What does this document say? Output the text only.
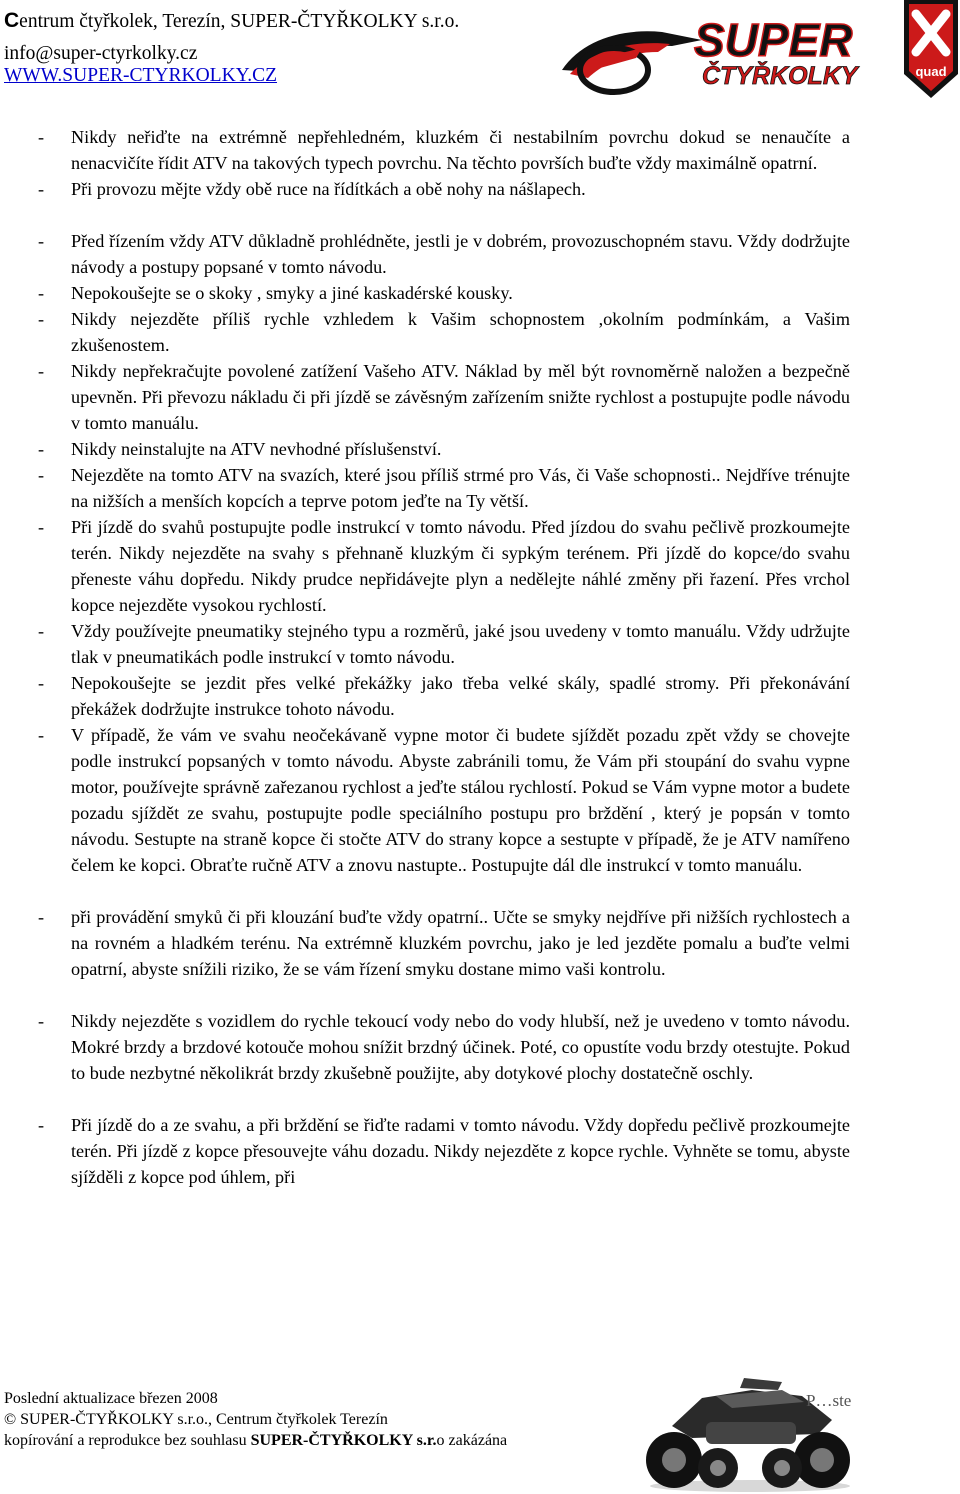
Centrum čtyřkolek, Terezín, SUPER-ČTYŘKOLKY s.r.o.
info@super-ctyrkolky.cz
WWW.SUPER-CTYRKOLKY.CZ
SUPER
ČTYŘKOLKY	quad
- Nikdy neřiďte na extrémně nepřehledném, kluzkém či nestabilním povrchu dokud se nenaučíte a nenacvičíte řídit ATV na takových typech povrchu. Na těchto površích buďte vždy maximálně opatrní.
- Při provozu mějte vždy obě ruce na řídítkách a obě nohy na nášlapech.
- Před řízením vždy ATV důkladně prohlédněte, jestli je v dobrém, provozuschopném stavu. Vždy dodržujte návody a postupy popsané v tomto návodu.
- Nepokoušejte se o skoky , smyky a jiné kaskadérské kousky.
- Nikdy nejezděte příliš rychle vzhledem k Vašim schopnostem ,okolním podmínkám, a Vašim zkušenostem.
- Nikdy nepřekračujte povolené zatížení Vašeho ATV. Náklad by měl být rovnoměrně naložen a bezpečně upevněn. Při převozu nákladu či při jízdě se závěsným zařízením snižte rychlost a postupujte podle návodu v tomto manuálu.
- Nikdy neinstalujte na ATV nevhodné příslušenství.
- Nejezděte na tomto ATV na svazích, které jsou příliš strmé pro Vás, či Vaše schopnosti.. Nejdříve trénujte na nižších a menších kopcích a teprve potom jeďte na Ty větší.
- Při jízdě do svahů postupujte podle instrukcí v tomto návodu. Před jízdou do svahu pečlivě prozkoumejte terén. Nikdy nejezděte na svahy s přehnaně kluzkým či sypkým terénem. Při jízdě do kopce/do svahu přeneste váhu dopředu. Nikdy prudce nepřidávejte plyn a nedělejte náhlé změny při řazení. Přes vrchol kopce nejezděte vysokou rychlostí.
- Vždy používejte pneumatiky stejného typu a rozměrů, jaké jsou uvedeny v tomto manuálu. Vždy udržujte tlak v pneumatikách podle instrukcí v tomto návodu.
- Nepokoušejte se jezdit přes velké překážky jako třeba velké skály, spadlé stromy. Při překonávání překážek dodržujte instrukce tohoto návodu.
- V případě, že vám ve svahu neočekávaně vypne motor či budete sjíždět pozadu zpět vždy se chovejte podle instrukcí popsaných v tomto návodu. Abyste zabránili tomu, že Vám při stoupání do svahu vypne motor, používejte správně zařezanou rychlost a jeďte stálou rychlostí. Pokud se Vám vypne motor a budete pozadu sjíždět ze svahu, postupujte podle speciálního postupu pro brždění , který je popsán v tomto návodu. Sestupte na straně kopce či stočte ATV do strany kopce a sestupte v případě, že je ATV namířeno čelem ke kopci. Obraťte ručně ATV a znovu nastupte.. Postupujte dál dle instrukcí v tomto manuálu.
- při provádění smyků či při klouzání buďte vždy opatrní.. Učte se smyky nejdříve při nižších rychlostech a na rovném a hladkém terénu. Na extrémně kluzkém povrchu, jako je led jezděte pomalu a buďte velmi opatrní, abyste snížili riziko, že se vám řízení smyku dostane mimo vaši kontrolu.
- Nikdy nejezděte s vozidlem do rychle tekoucí vody nebo do vody hlubší, než je uvedeno v tomto návodu. Mokré brzdy a brzdové kotouče mohou snížit brzdný účinek. Poté, co opustíte vodu brzdy otestujte. Pokud to bude nezbytné několikrát brzdy zkušebně použijte, aby dotykové plochy dostatečně oschly.
- Při jízdě do a ze svahu, a při brždění se řiďte radami v tomto návodu. Vždy dopředu pečlivě prozkoumejte terén. Při jízdě z kopce přesouvejte váhu dozadu. Nikdy nejezděte z kopce rychle. Vyhněte se tomu, abyste sjížděli z kopce pod úhlem, při
P…ste
Poslední aktualizace březen 2008
© SUPER-ČTYŘKOLKY s.r.o., Centrum čtyřkolek Terezín
kopírování a reprodukce bez souhlasu SUPER-ČTYŘKOLKY s.r.o zakázána
